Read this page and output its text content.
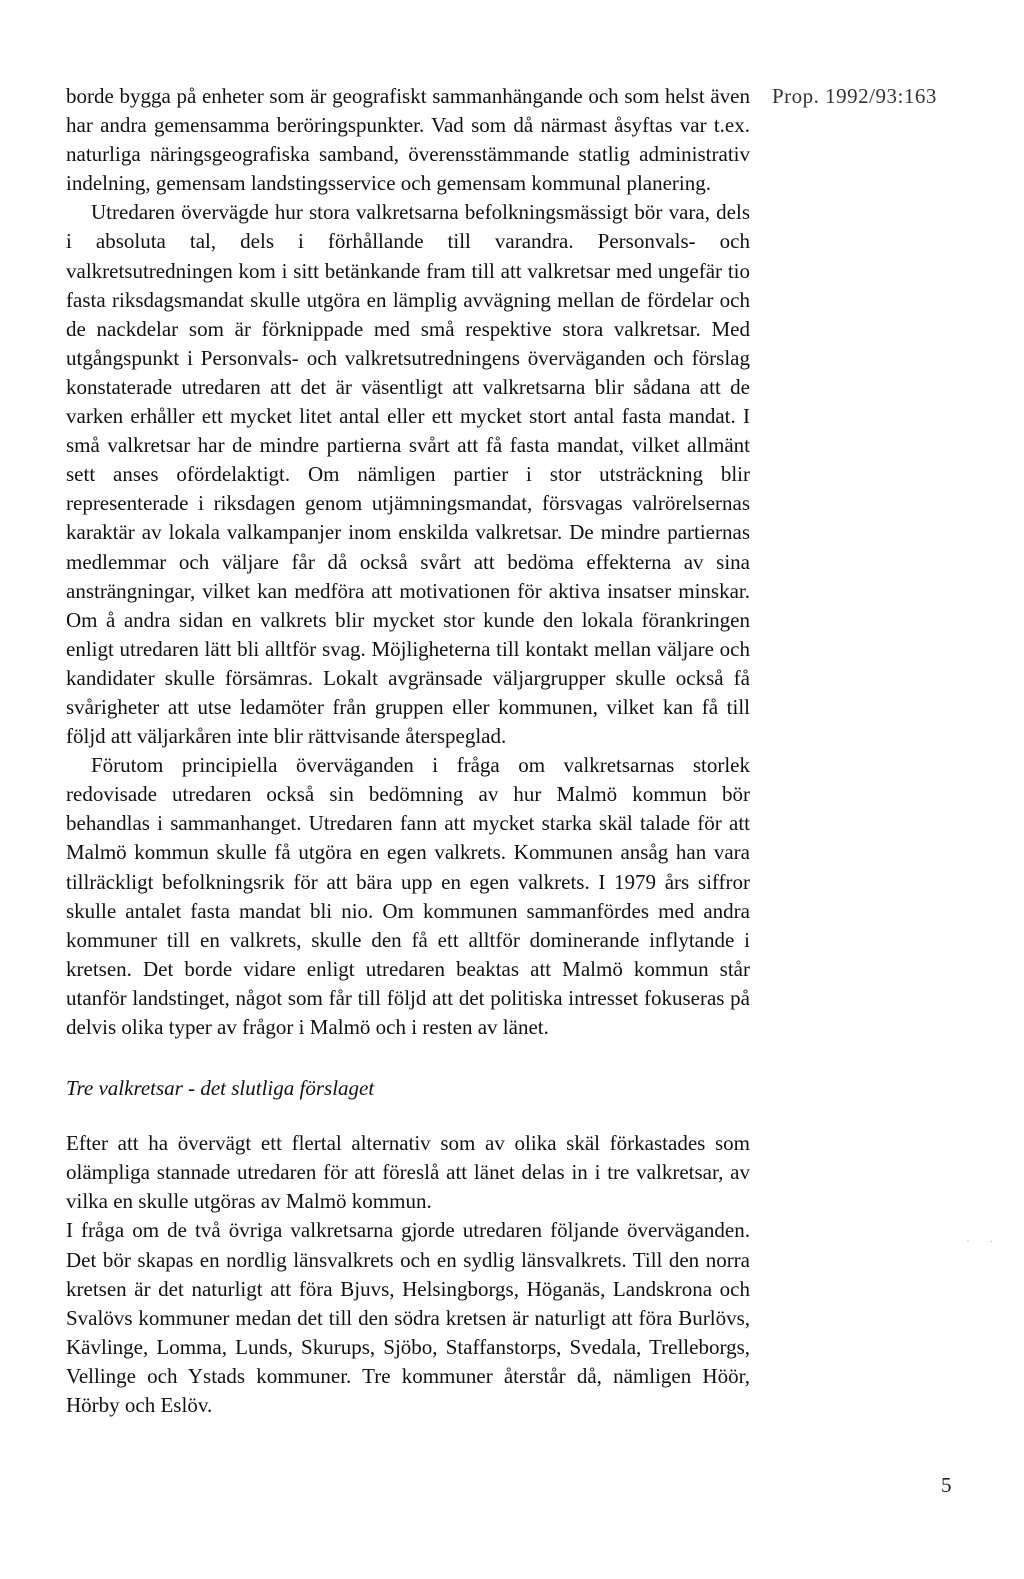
Prop. 1992/93:163

borde bygga på enheter som är geografiskt sammanhängande och som helst även har andra gemensamma beröringspunkter. Vad som då närmast åsyftas var t.ex. naturliga näringsgeografiska samband, överensstämmande statlig administrativ indelning, gemensam landstingsservice och gemensam kommunal planering.

Utredaren övervägde hur stora valkretsarna befolkningsmässigt bör vara, dels i absoluta tal, dels i förhållande till varandra. Personvals- och valkretsutredningen kom i sitt betänkande fram till att valkretsar med ungefär tio fasta riksdagsmandat skulle utgöra en lämplig avvägning mellan de fördelar och de nackdelar som är förknippade med små respektive stora valkretsar. Med utgångspunkt i Personvals- och valkretsutredningens överväganden och förslag konstaterade utredaren att det är väsentligt att valkretsarna blir sådana att de varken erhåller ett mycket litet antal eller ett mycket stort antal fasta mandat. I små valkretsar har de mindre partierna svårt att få fasta mandat, vilket allmänt sett anses ofördelaktigt. Om nämligen partier i stor utsträckning blir representerade i riksdagen genom utjämningsmandat, försvagas valrörelsernas karaktär av lokala valkampanjer inom enskilda valkretsar. De mindre partiernas medlemmar och väljare får då också svårt att bedöma effekterna av sina ansträngningar, vilket kan medföra att motivationen för aktiva insatser minskar. Om å andra sidan en valkrets blir mycket stor kunde den lokala förankringen enligt utredaren lätt bli alltför svag. Möjligheterna till kontakt mellan väljare och kandidater skulle försämras. Lokalt avgränsade väljargrupper skulle också få svårigheter att utse ledamöter från gruppen eller kommunen, vilket kan få till följd att väljarkåren inte blir rättvisande återspeglad.

Förutom principiella överväganden i fråga om valkretsarnas storlek redovisade utredaren också sin bedömning av hur Malmö kommun bör behandlas i sammanhanget. Utredaren fann att mycket starka skäl talade för att Malmö kommun skulle få utgöra en egen valkrets. Kommunen ansåg han vara tillräckligt befolkningsrik för att bära upp en egen valkrets. I 1979 års siffror skulle antalet fasta mandat bli nio. Om kommunen sammanfördes med andra kommuner till en valkrets, skulle den få ett alltför dominerande inflytande i kretsen. Det borde vidare enligt utredaren beaktas att Malmö kommun står utanför landstinget, något som får till följd att det politiska intresset fokuseras på delvis olika typer av frågor i Malmö och i resten av länet.

Tre valkretsar - det slutliga förslaget

Efter att ha övervägt ett flertal alternativ som av olika skäl förkastades som olämpliga stannade utredaren för att föreslå att länet delas in i tre valkretsar, av vilka en skulle utgöras av Malmö kommun.

I fråga om de två övriga valkretsarna gjorde utredaren följande överväganden. Det bör skapas en nordlig länsvalkrets och en sydlig länsvalkrets. Till den norra kretsen är det naturligt att föra Bjuvs, Helsingborgs, Höganäs, Landskrona och Svalövs kommuner medan det till den södra kretsen är naturligt att föra Burlövs, Kävlinge, Lomma, Lunds, Skurups, Sjöbo, Staffanstorps, Svedala, Trelleborgs, Vellinge och Ystads kommuner. Tre kommuner återstår då, nämligen Höör, Hörby och Eslöv.

· ·
5
